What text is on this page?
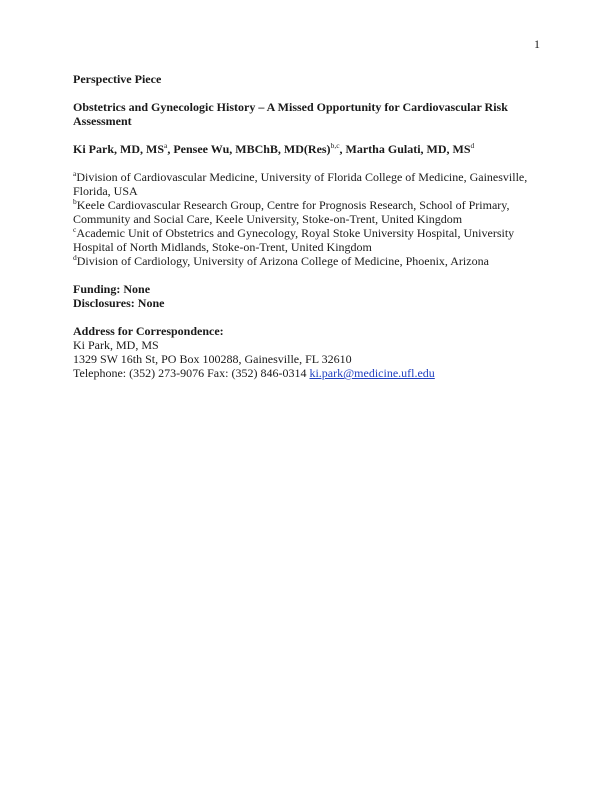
1

Perspective Piece

Obstetrics and Gynecologic History – A Missed Opportunity for Cardiovascular Risk Assessment

Ki Park, MD, $MS^a$, Pensee Wu, MBChB, MD(Res)$^{b,c}$, Martha Gulati, MD, $MS^d$

$^a$Division of Cardiovascular Medicine, University of Florida College of Medicine, Gainesville, Florida, USA

$^b$Keele Cardiovascular Research Group, Centre for Prognosis Research, School of Primary, Community and Social Care, Keele University, Stoke-on-Trent, United Kingdom

$^c$Academic Unit of Obstetrics and Gynecology, Royal Stoke University Hospital, University Hospital of North Midlands, Stoke-on-Trent, United Kingdom

$^d$Division of Cardiology, University of Arizona College of Medicine, Phoenix, Arizona

Funding: None

Disclosures: None

Address for Correspondence:

Ki Park, MD, MS

1329 SW 16th St, PO Box 100288, Gainesville, FL 32610

Telephone: (352) 273-9076 Fax: (352) 846-0314 ki.park@medicine.ufl.edu
